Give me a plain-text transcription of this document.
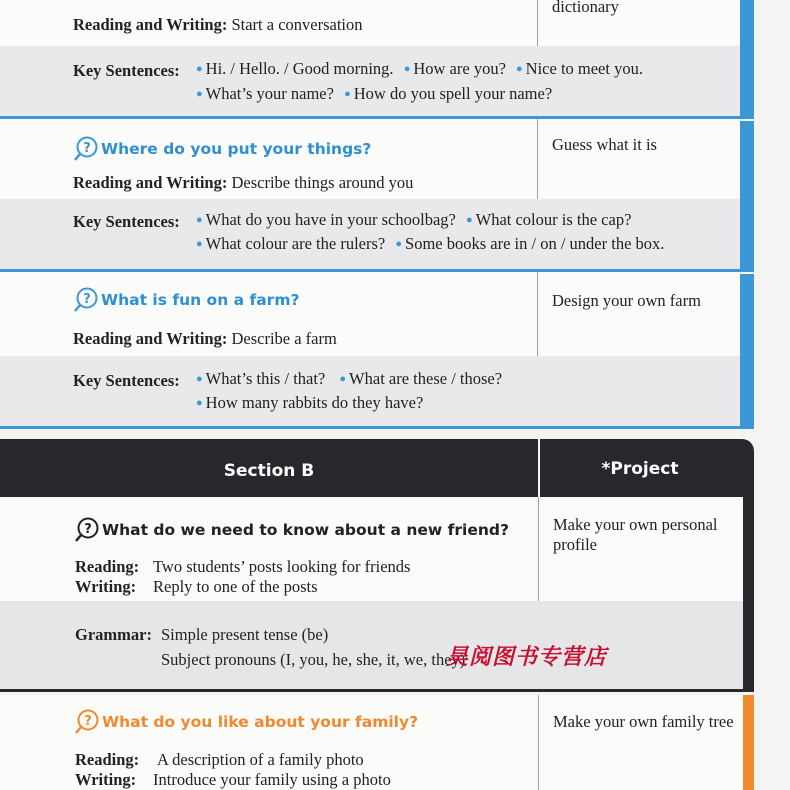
Reading and Writing: Start a conversation
dictionary
Key Sentences: ● Hi. / Hello. / Good morning. ● How are you? ● Nice to meet you.
● What’s your name? ● How do you spell your name?
? Where do you put your things?	Guess what it is
Reading and Writing: Describe things around you
Key Sentences: ● What do you have in your schoolbag? ● What colour is the cap?
● What colour are the rulers? ● Some books are in / on / under the box.
? What is fun on a farm?	Design your own farm
Reading and Writing: Describe a farm
Key Sentences: ● What’s this / that? ● What are these / those?
● How many rabbits do they have?
Section B	*Project
? What do we need to know about a new friend?	Make your own personal profile
Reading: Two students’ posts looking for friends
Writing: Reply to one of the posts
Grammar: Simple present tense (be)
Subject pronouns (I, you, he, she, it, we, they)
昊阅图书专营店
? What do you like about your family?	Make your own family tree
Reading: A description of a family photo
Writing: Introduce your family using a photo
